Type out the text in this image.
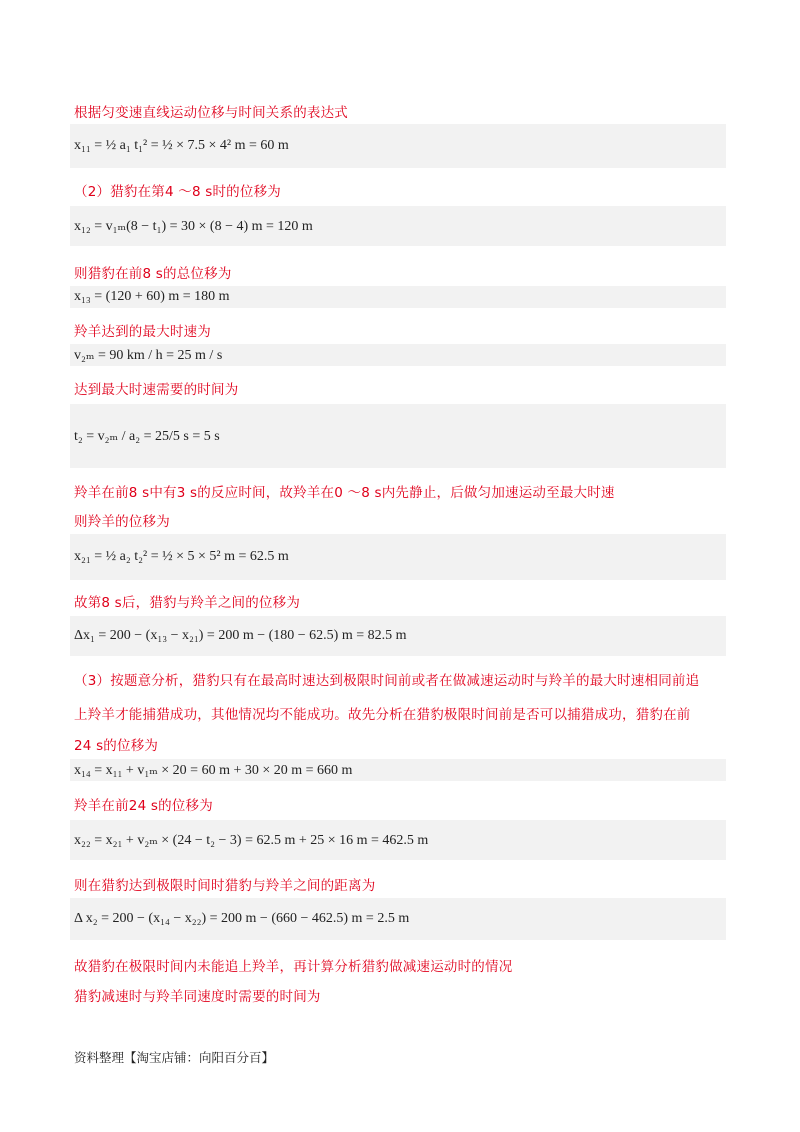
根据匀变速直线运动位移与时间关系的表达式
x₁₁ = ½ a₁ t₁² = ½ × 7.5 × 4² m = 60 m
（2）猎豹在第4 ～8 s时的位移为
x₁₂ = v₁ₘ(8 − t₁) = 30 × (8 − 4) m = 120 m
则猎豹在前8 s的总位移为
x₁₃ = (120 + 60) m = 180 m
羚羊达到的最大时速为
v₂ₘ = 90 km / h = 25 m / s
达到最大时速需要的时间为
t₂ = v₂ₘ / a₂ = 25/5 s = 5 s
羚羊在前8 s中有3 s的反应时间，故羚羊在0 ～8 s内先静止，后做匀加速运动至最大时速
则羚羊的位移为
x₂₁ = ½ a₂ t₂² = ½ × 5 × 5² m = 62.5 m
故第8 s后，猎豹与羚羊之间的位移为
Δx₁ = 200 − (x₁₃ − x₂₁) = 200 m − (180 − 62.5) m = 82.5 m
（3）按题意分析，猎豹只有在最高时速达到极限时间前或者在做减速运动时与羚羊的最大时速相同前追
上羚羊才能捕猎成功，其他情况均不能成功。故先分析在猎豹极限时间前是否可以捕猎成功，猎豹在前
24 s的位移为
x₁₄ = x₁₁ + v₁ₘ × 20 = 60 m + 30 × 20 m = 660 m
羚羊在前24 s的位移为
x₂₂ = x₂₁ + v₂ₘ × (24 − t₂ − 3) = 62.5 m + 25 × 16 m = 462.5 m
则在猎豹达到极限时间时猎豹与羚羊之间的距离为
Δ x₂ = 200 − (x₁₄ − x₂₂) = 200 m − (660 − 462.5) m = 2.5 m
故猎豹在极限时间内未能追上羚羊，再计算分析猎豹做减速运动时的情况
猎豹减速时与羚羊同速度时需要的时间为
资料整理【淘宝店铺：向阳百分百】
